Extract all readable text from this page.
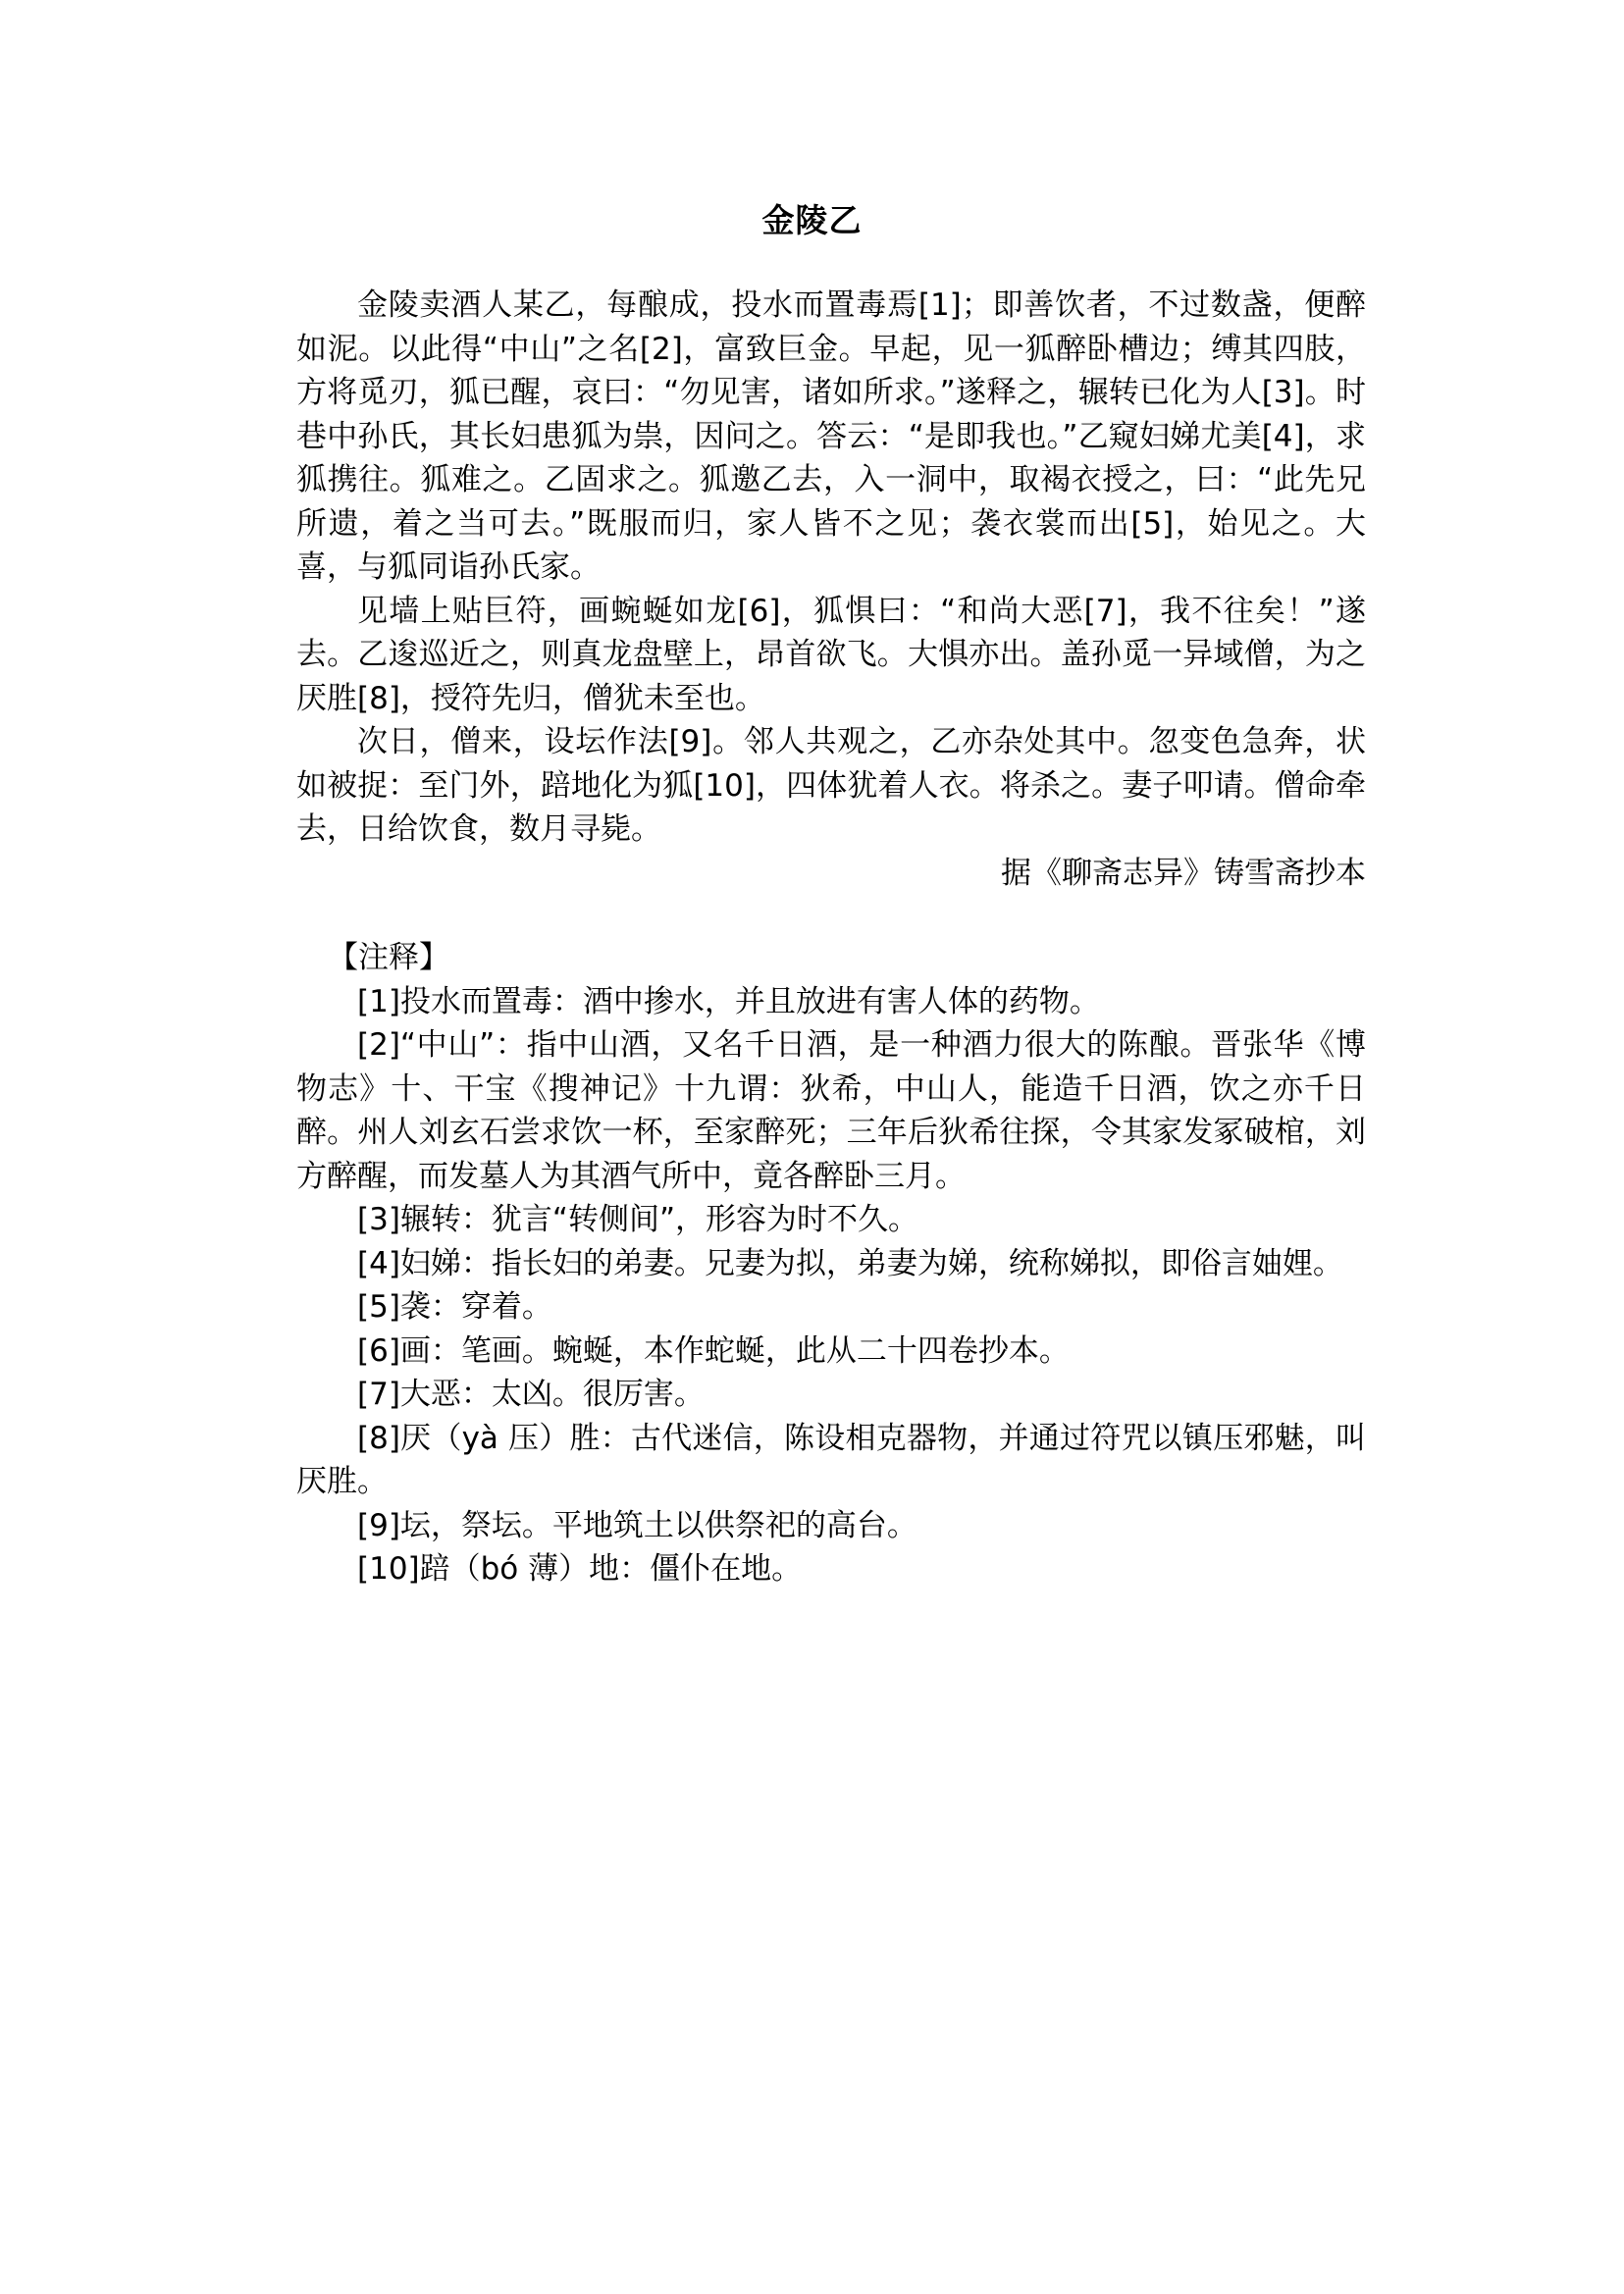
金陵乙

金陵卖酒人某乙，每酿成，投水而置毒焉[1]；即善饮者，不过数盏，便醉如泥。以此得“中山”之名[2]，富致巨金。早起，见一狐醉卧槽边；缚其四肢，方将觅刃，狐已醒，哀曰：“勿见害，诸如所求。”遂释之，辗转已化为人[3]。时巷中孙氏，其长妇患狐为祟，因问之。答云：“是即我也。”乙窥妇娣尤美[4]，求狐携往。狐难之。乙固求之。狐邀乙去，入一洞中，取褐衣授之，曰：“此先兄所遗，着之当可去。”既服而归，家人皆不之见；袭衣裳而出[5]，始见之。大喜，与狐同诣孙氏家。

见墙上贴巨符，画蜿蜒如龙[6]，狐惧曰：“和尚大恶[7]，我不往矣！”遂去。乙逡巡近之，则真龙盘壁上，昂首欲飞。大惧亦出。盖孙觅一异域僧，为之厌胜[8]，授符先归，僧犹未至也。

次日，僧来，设坛作法[9]。邻人共观之，乙亦杂处其中。忽变色急奔，状如被捉：至门外，踣地化为狐[10]，四体犹着人衣。将杀之。妻子叩请。僧命牵去，日给饮食，数月寻毙。

据《聊斋志异》铸雪斋抄本
【注释】
[1]投水而置毒：酒中掺水，并且放进有害人体的药物。
[2]“中山”：指中山酒，又名千日酒，是一种酒力很大的陈酿。晋张华《博物志》十、干宝《搜神记》十九谓：狄希，中山人，能造千日酒，饮之亦千日醉。州人刘玄石尝求饮一杯，至家醉死；三年后狄希往探，令其家发冢破棺，刘方醉醒，而发墓人为其酒气所中，竟各醉卧三月。
[3]辗转：犹言“转侧间”，形容为时不久。
[4]妇娣：指长妇的弟妻。兄妻为拟，弟妻为娣，统称娣拟，即俗言妯娌。
[5]袭：穿着。
[6]画：笔画。蜿蜒，本作蛇蜒，此从二十四卷抄本。
[7]大恶：太凶。很厉害。
[8]厌（yà 压）胜：古代迷信，陈设相克器物，并通过符咒以镇压邪魅，叫厌胜。
[9]坛，祭坛。平地筑土以供祭祀的高台。
[10]踣（bó 薄）地：僵仆在地。
